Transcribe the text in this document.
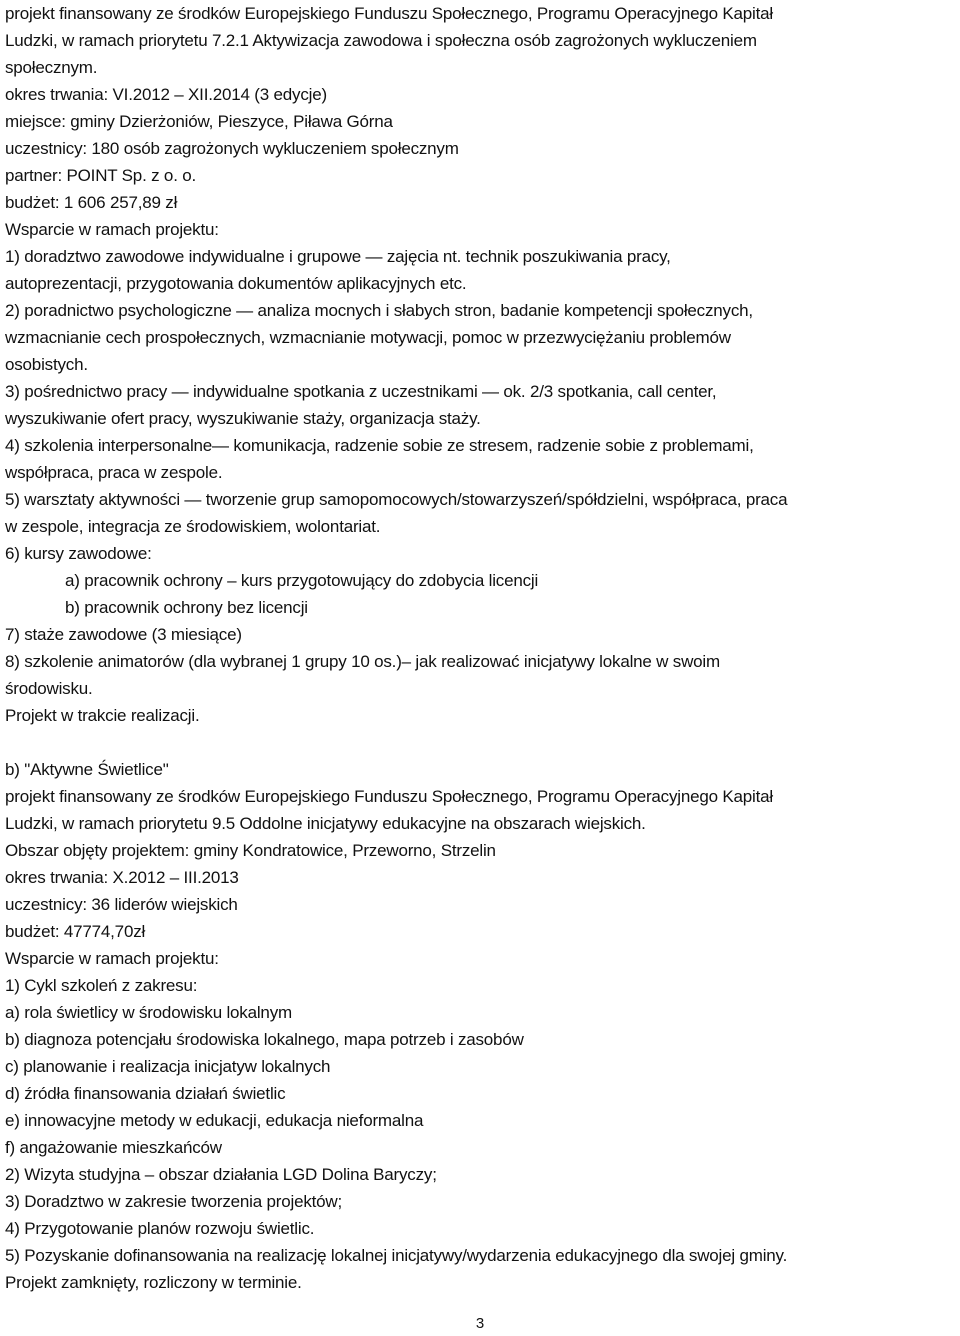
projekt finansowany ze środków Europejskiego Funduszu Społecznego, Programu Operacyjnego Kapitał
Ludzki, w ramach priorytetu 7.2.1 Aktywizacja zawodowa i społeczna osób zagrożonych wykluczeniem
społecznym.
okres trwania: VI.2012 – XII.2014 (3 edycje)
miejsce: gminy Dzierżoniów, Pieszyce, Piława Górna
uczestnicy: 180 osób zagrożonych wykluczeniem społecznym
partner: POINT Sp. z o. o.
budżet: 1 606 257,89 zł
Wsparcie w ramach projektu:
1) doradztwo zawodowe indywidualne i grupowe — zajęcia nt. technik poszukiwania pracy,
autoprezentacji, przygotowania dokumentów aplikacyjnych etc.
2) poradnictwo psychologiczne — analiza mocnych i słabych stron, badanie kompetencji społecznych,
wzmacnianie cech prospołecznych, wzmacnianie motywacji, pomoc w przezwyciężaniu problemów
osobistych.
3) pośrednictwo pracy — indywidualne spotkania z uczestnikami — ok. 2/3 spotkania, call center,
wyszukiwanie ofert pracy, wyszukiwanie staży, organizacja staży.
4) szkolenia interpersonalne— komunikacja, radzenie sobie ze stresem, radzenie sobie z problemami,
współpraca, praca w zespole.
5) warsztaty aktywności — tworzenie grup samopomocowych/stowarzyszeń/spółdzielni, współpraca, praca
w zespole, integracja ze środowiskiem, wolontariat.
6) kursy zawodowe:
a) pracownik ochrony – kurs przygotowujący do zdobycia licencji
b) pracownik ochrony bez licencji
7) staże zawodowe (3 miesiące)
8) szkolenie animatorów (dla wybranej 1 grupy 10 os.)– jak realizować inicjatywy lokalne w swoim
środowisku.
Projekt w trakcie realizacji.
b) "Aktywne Świetlice"
projekt finansowany ze środków Europejskiego Funduszu Społecznego, Programu Operacyjnego Kapitał
Ludzki, w ramach priorytetu 9.5 Oddolne inicjatywy edukacyjne na obszarach wiejskich.
Obszar objęty projektem: gminy Kondratowice, Przeworno, Strzelin
okres trwania: X.2012 – III.2013
uczestnicy: 36 liderów wiejskich
budżet: 47774,70zł
Wsparcie w ramach projektu:
1) Cykl szkoleń z zakresu:
a) rola świetlicy w środowisku lokalnym
b) diagnoza potencjału środowiska lokalnego, mapa potrzeb i zasobów
c) planowanie i realizacja inicjatyw lokalnych
d) źródła finansowania działań świetlic
e) innowacyjne metody w edukacji, edukacja nieformalna
f) angażowanie mieszkańców
2) Wizyta studyjna – obszar działania LGD Dolina Baryczy;
3) Doradztwo w zakresie tworzenia projektów;
4) Przygotowanie planów rozwoju świetlic.
5) Pozyskanie dofinansowania na realizację lokalnej inicjatywy/wydarzenia edukacyjnego dla swojej gminy.
Projekt zamknięty, rozliczony w terminie.
3
